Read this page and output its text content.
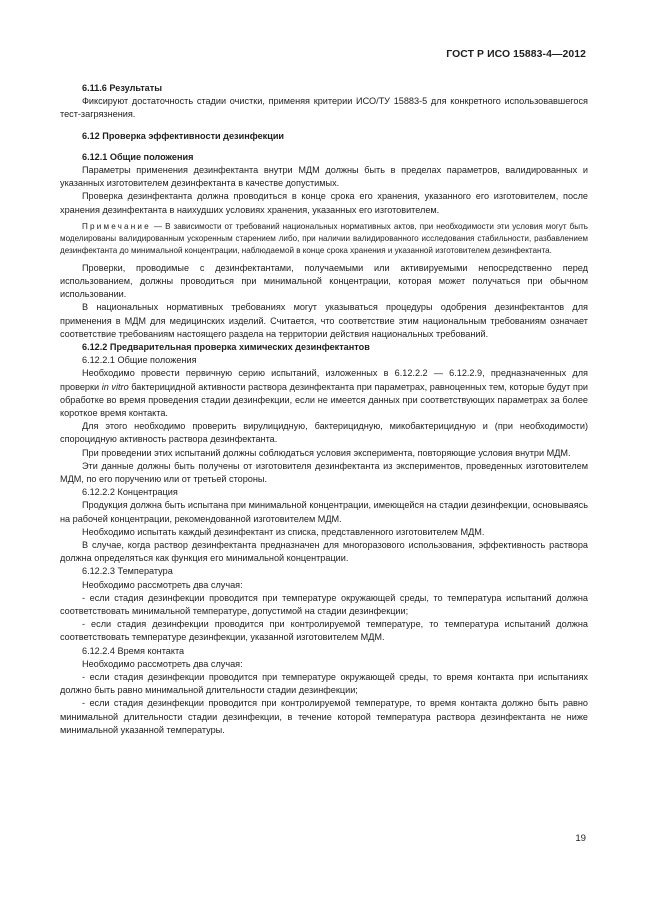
ГОСТ Р ИСО 15883-4—2012

6.11.6 Результаты

Фиксируют достаточность стадии очистки, применяя критерии ИСО/ТУ 15883-5 для конкретного использовавшегося тест-загрязнения.

6.12 Проверка эффективности дезинфекции

6.12.1 Общие положения

Параметры применения дезинфектанта внутри МДМ должны быть в пределах параметров, валидированных и указанных изготовителем дезинфектанта в качестве допустимых.

Проверка дезинфектанта должна проводиться в конце срока его хранения, указанного его изготовителем, после хранения дезинфектанта в наихудших условиях хранения, указанных его изготовителем.

Примечание — В зависимости от требований национальных нормативных актов, при необходимости эти условия могут быть моделированы валидированным ускоренным старением либо, при наличии валидированного исследования стабильности, разбавлением дезинфектанта до минимальной концентрации, наблюдаемой в конце срока хранения и указанной изготовителем дезинфектанта.

Проверки, проводимые с дезинфектантами, получаемыми или активируемыми непосредственно перед использованием, должны проводиться при минимальной концентрации, которая может получаться при обычном использовании.

В национальных нормативных требованиях могут указываться процедуры одобрения дезинфектантов для применения в МДМ для медицинских изделий. Считается, что соответствие этим национальным требованиям означает соответствие требованиям настоящего раздела на территории действия национальных требований.

6.12.2 Предварительная проверка химических дезинфектантов

6.12.2.1 Общие положения

Необходимо провести первичную серию испытаний, изложенных в 6.12.2.2 — 6.12.2.9, предназначенных для проверки in vitro бактерицидной активности раствора дезинфектанта при параметрах, равноценных тем, которые будут при обработке во время проведения стадии дезинфекции, если не имеется данных при соответствующих параметрах за более короткое время контакта.

Для этого необходимо проверить вирулицидную, бактерицидную, микобактерицидную и (при необходимости) спороцидную активность раствора дезинфектанта.

При проведении этих испытаний должны соблюдаться условия эксперимента, повторяющие условия внутри МДМ.

Эти данные должны быть получены от изготовителя дезинфектанта из экспериментов, проведенных изготовителем МДМ, по его поручению или от третьей стороны.

6.12.2.2 Концентрация

Продукция должна быть испытана при минимальной концентрации, имеющейся на стадии дезинфекции, основываясь на рабочей концентрации, рекомендованной изготовителем МДМ.

Необходимо испытать каждый дезинфектант из списка, представленного изготовителем МДМ.

В случае, когда раствор дезинфектанта предназначен для многоразового использования, эффективность раствора должна определяться как функция его минимальной концентрации.

6.12.2.3 Температура

Необходимо рассмотреть два случая:

- если стадия дезинфекции проводится при температуре окружающей среды, то температура испытаний должна соответствовать минимальной температуре, допустимой на стадии дезинфекции;

- если стадия дезинфекции проводится при контролируемой температуре, то температура испытаний должна соответствовать температуре дезинфекции, указанной изготовителем МДМ.

6.12.2.4 Время контакта

Необходимо рассмотреть два случая:

- если стадия дезинфекции проводится при температуре окружающей среды, то время контакта при испытаниях должно быть равно минимальной длительности стадии дезинфекции;

- если стадия дезинфекции проводится при контролируемой температуре, то время контакта должно быть равно минимальной длительности стадии дезинфекции, в течение которой температура раствора дезинфектанта не ниже минимальной указанной температуры.

19
